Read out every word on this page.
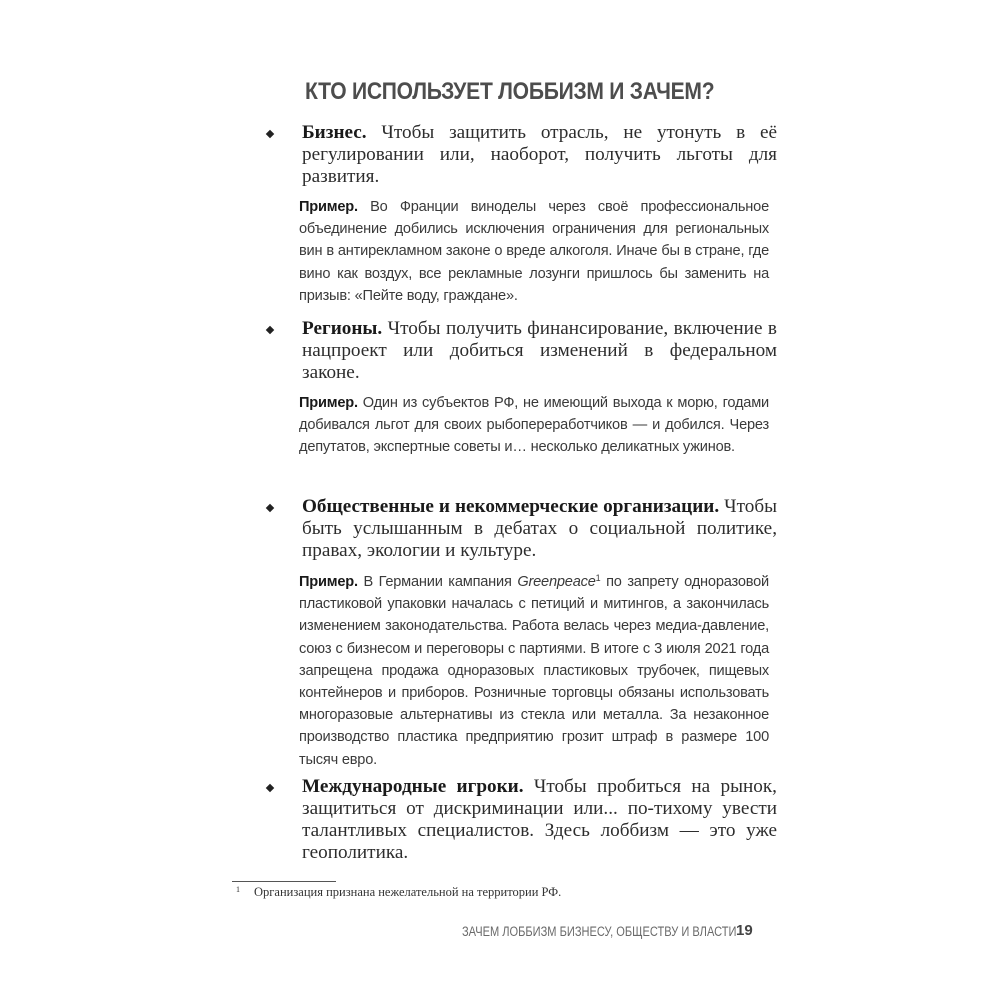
КТО ИСПОЛЬЗУЕТ ЛОББИЗМ И ЗАЧЕМ?
Бизнес. Чтобы защитить отрасль, не утонуть в её регулировании или, наоборот, получить льготы для развития.
Пример. Во Франции виноделы через своё профессиональное объединение добились исключения ограничения для региональных вин в антирекламном законе о вреде алкоголя. Иначе бы в стране, где вино как воздух, все рекламные лозунги пришлось бы заменить на призыв: «Пейте воду, граждане».
Регионы. Чтобы получить финансирование, включение в нацпроект или добиться изменений в федеральном законе.
Пример. Один из субъектов РФ, не имеющий выхода к морю, годами добивался льгот для своих рыбопереработчиков — и добился. Через депутатов, экспертные советы и… несколько деликатных ужинов.
Общественные и некоммерческие организации. Чтобы быть услышанным в дебатах о социальной политике, правах, экологии и культуре.
Пример. В Германии кампания Greenpeace$^1$ по запрету одноразовой пластиковой упаковки началась с петиций и митингов, а закончилась изменением законодательства. Работа велась через медиа-давление, союз с бизнесом и переговоры с партиями. В итоге с 3 июля 2021 года запрещена продажа одноразовых пластиковых трубочек, пищевых контейнеров и приборов. Розничные торговцы обязаны использовать многоразовые альтернативы из стекла или металла. За незаконное производство пластика предприятию грозит штраф в размере 100 тысяч евро.
Международные игроки. Чтобы пробиться на рынок, защититься от дискриминации или... по-тихому увести талантливых специалистов. Здесь лоббизм — это уже геополитика.
$^1$ Организация признана нежелательной на территории РФ.
ЗАЧЕМ ЛОББИЗМ БИЗНЕСУ, ОБЩЕСТВУ И ВЛАСТИ 19
